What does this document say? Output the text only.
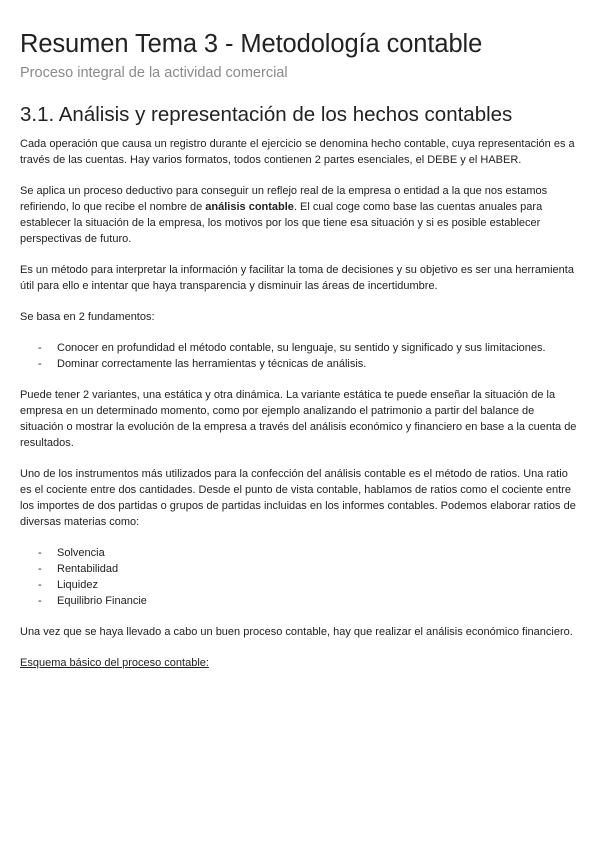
Resumen Tema 3 - Metodología contable
Proceso integral de la actividad comercial
3.1. Análisis y representación de los hechos contables

Cada operación que causa un registro durante el ejercicio se denomina hecho contable, cuya representación es a través de las cuentas. Hay varios formatos, todos contienen 2 partes esenciales, el DEBE y el HABER.

Se aplica un proceso deductivo para conseguir un reflejo real de la empresa o entidad a la que nos estamos refiriendo, lo que recibe el nombre de análisis contable. El cual coge como base las cuentas anuales para establecer la situación de la empresa, los motivos por los que tiene esa situación y si es posible establecer perspectivas de futuro.

Es un método para interpretar la información y facilitar la toma de decisiones y su objetivo es ser una herramienta útil para ello e intentar que haya transparencia y disminuir las áreas de incertidumbre.

Se basa en 2 fundamentos:

- Conocer en profundidad el método contable, su lenguaje, su sentido y significado y sus limitaciones.
- Dominar correctamente las herramientas y técnicas de análisis.

Puede tener 2 variantes, una estática y otra dinámica. La variante estática te puede enseñar la situación de la empresa en un determinado momento, como por ejemplo analizando el patrimonio a partir del balance de situación o mostrar la evolución de la empresa a través del análisis económico y financiero en base a la cuenta de resultados.

Uno de los instrumentos más utilizados para la confección del análisis contable es el método de ratios. Una ratio es el cociente entre dos cantidades. Desde el punto de vista contable, hablamos de ratios como el cociente entre los importes de dos partidas o grupos de partidas incluidas en los informes contables. Podemos elaborar ratios de diversas materias como:

- Solvencia
- Rentabilidad
- Liquidez
- Equilibrio Financie

Una vez que se haya llevado a cabo un buen proceso contable, hay que realizar el análisis económico financiero.

Esquema básico del proceso contable:
